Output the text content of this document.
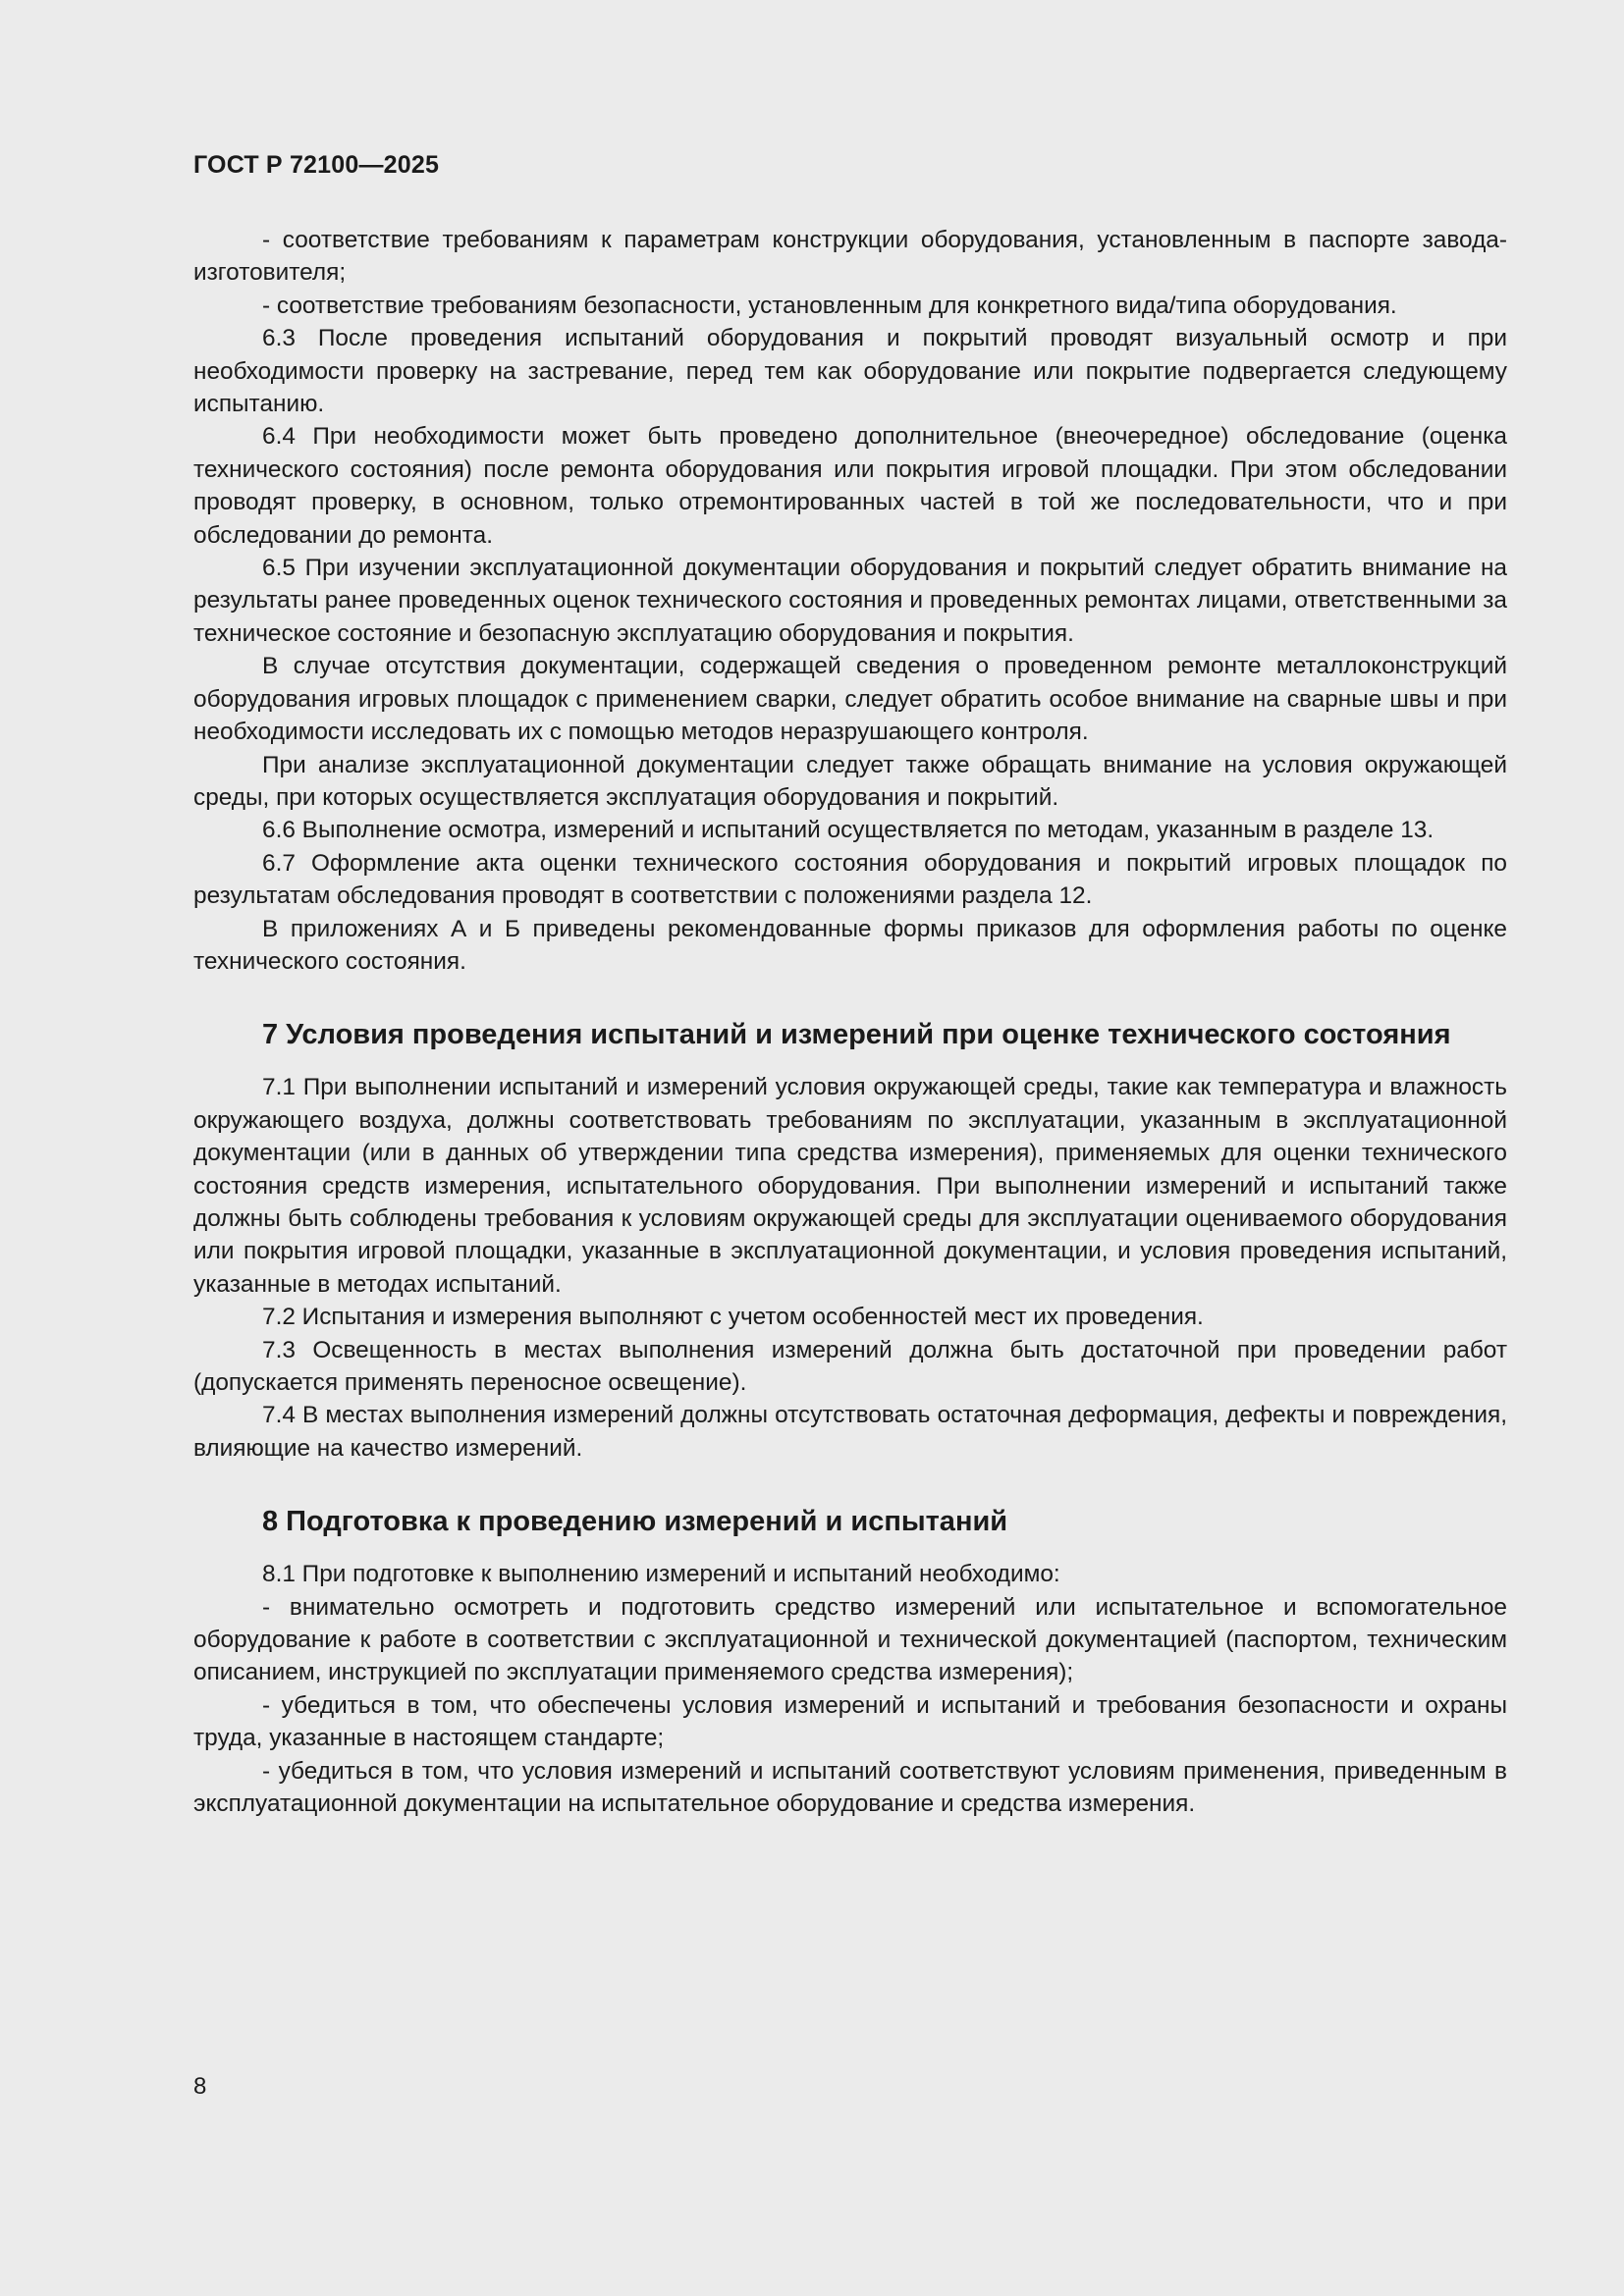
ГОСТ Р 72100—2025

- соответствие требованиям к параметрам конструкции оборудования, установленным в паспорте завода-изготовителя;

- соответствие требованиям безопасности, установленным для конкретного вида/типа оборудования.

6.3 После проведения испытаний оборудования и покрытий проводят визуальный осмотр и при необходимости проверку на застревание, перед тем как оборудование или покрытие подвергается следующему испытанию.

6.4 При необходимости может быть проведено дополнительное (внеочередное) обследование (оценка технического состояния) после ремонта оборудования или покрытия игровой площадки. При этом обследовании проводят проверку, в основном, только отремонтированных частей в той же последовательности, что и при обследовании до ремонта.

6.5 При изучении эксплуатационной документации оборудования и покрытий следует обратить внимание на результаты ранее проведенных оценок технического состояния и проведенных ремонтах лицами, ответственными за техническое состояние и безопасную эксплуатацию оборудования и покрытия.

В случае отсутствия документации, содержащей сведения о проведенном ремонте металлоконструкций оборудования игровых площадок с применением сварки, следует обратить особое внимание на сварные швы и при необходимости исследовать их с помощью методов неразрушающего контроля.

При анализе эксплуатационной документации следует также обращать внимание на условия окружающей среды, при которых осуществляется эксплуатация оборудования и покрытий.

6.6 Выполнение осмотра, измерений и испытаний осуществляется по методам, указанным в разделе 13.

6.7 Оформление акта оценки технического состояния оборудования и покрытий игровых площадок по результатам обследования проводят в соответствии с положениями раздела 12.

В приложениях А и Б приведены рекомендованные формы приказов для оформления работы по оценке технического состояния.

7 Условия проведения испытаний и измерений при оценке технического состояния

7.1 При выполнении испытаний и измерений условия окружающей среды, такие как температура и влажность окружающего воздуха, должны соответствовать требованиям по эксплуатации, указанным в эксплуатационной документации (или в данных об утверждении типа средства измерения), применяемых для оценки технического состояния средств измерения, испытательного оборудования. При выполнении измерений и испытаний также должны быть соблюдены требования к условиям окружающей среды для эксплуатации оцениваемого оборудования или покрытия игровой площадки, указанные в эксплуатационной документации, и условия проведения испытаний, указанные в методах испытаний.

7.2 Испытания и измерения выполняют с учетом особенностей мест их проведения.

7.3 Освещенность в местах выполнения измерений должна быть достаточной при проведении работ (допускается применять переносное освещение).

7.4 В местах выполнения измерений должны отсутствовать остаточная деформация, дефекты и повреждения, влияющие на качество измерений.

8 Подготовка к проведению измерений и испытаний

8.1 При подготовке к выполнению измерений и испытаний необходимо:

- внимательно осмотреть и подготовить средство измерений или испытательное и вспомогательное оборудование к работе в соответствии с эксплуатационной и технической документацией (паспортом, техническим описанием, инструкцией по эксплуатации применяемого средства измерения);

- убедиться в том, что обеспечены условия измерений и испытаний и требования безопасности и охраны труда, указанные в настоящем стандарте;

- убедиться в том, что условия измерений и испытаний соответствуют условиям применения, приведенным в эксплуатационной документации на испытательное оборудование и средства измерения.

8
